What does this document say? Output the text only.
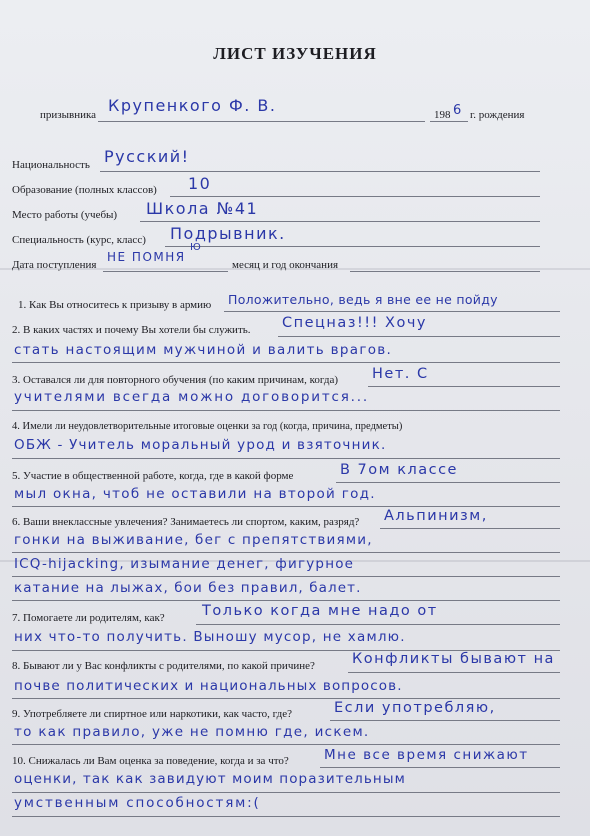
ЛИСТ ИЗУЧЕНИЯ
призывника Крупенкого Ф. В.	198 6 г. рождения
Национальность Русский!
Образование (полных классов) 10
Место работы (учебы) Школа №41
Специальность (курс, класс) Подрывник.
Дата поступления
НЕ ПОМНЯ
Ю
месяц и год окончания
1. Как Вы относитесь к призыву в армию Положительно, ведь я вне ее не пойду
2. В каких частях и почему Вы хотели бы служить. Спецназ!!! Хочу
стать настоящим мужчиной и валить врагов.
3. Оставался ли для повторного обучения (по каким причинам, когда) Нет. С
учителями всегда можно договорится...
4. Имели ли неудовлетворительные итоговые оценки за год (когда, причина, предметы)
ОБЖ - Учитель моральный урод и взяточник.
5. Участие в общественной работе, когда, где в какой форме	В 7ом классе
мыл окна, чтоб не оставили на второй год.
6. Ваши внеклассные увлечения? Занимаетесь ли спортом, каким, разряд? Альпинизм,
гонки на выживание, бег с препятствиями,
ICQ-hijacking, изымание денег, фигурное
катание на лыжах, бои без правил, балет.
7. Помогаете ли родителям, как?	Только когда мне надо от
них что-то получить. Выношу мусор, не хамлю.
8. Бывают ли у Вас конфликты с родителями, по какой причине?	Конфликты бывают на
почве политических и национальных вопросов.
9. Употребляете ли спиртное или наркотики, как часто, где?	Если употребляю,
то как правило, уже не помню где, искем.
10. Снижалась ли Вам оценка за поведение, когда и за что?	Мне все время снижают
оценки, так как завидуют моим поразительным
умственным способностям:(
